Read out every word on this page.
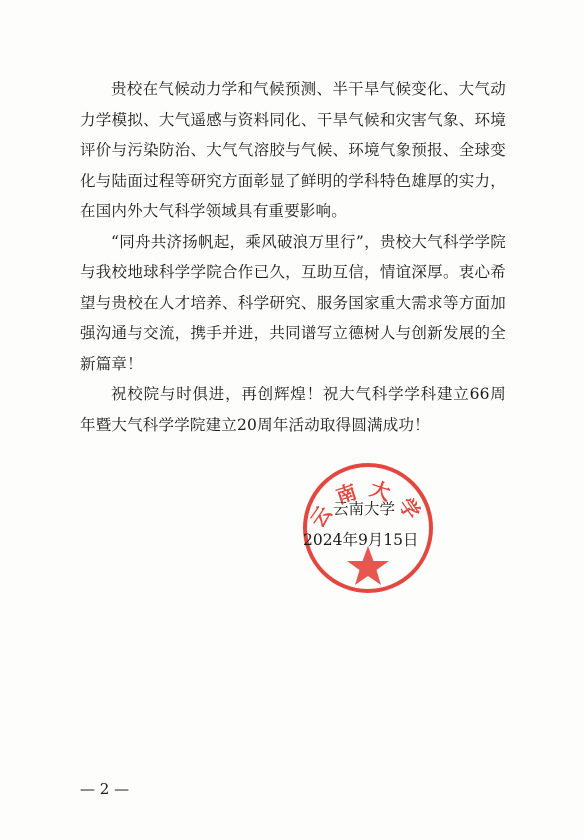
贵校在气候动力学和气候预测、半干旱气候变化、大气动力学模拟、大气遥感与资料同化、干旱气候和灾害气象、环境评价与污染防治、大气气溶胶与气候、环境气象预报、全球变化与陆面过程等研究方面彰显了鲜明的学科特色雄厚的实力，在国内外大气科学领域具有重要影响。

“同舟共济扬帆起，乘风破浪万里行”，贵校大气科学学院与我校地球科学学院合作已久，互助互信，情谊深厚。衷心希望与贵校在人才培养、科学研究、服务国家重大需求等方面加强沟通与交流，携手并进，共同谱写立德树人与创新发展的全新篇章！

祝校院与时俱进，再创辉煌！祝大气科学学科建立66周年暨大气科学学院建立20周年活动取得圆满成功！

云南大学
云南大学
2024年9月15日
— 2 —
